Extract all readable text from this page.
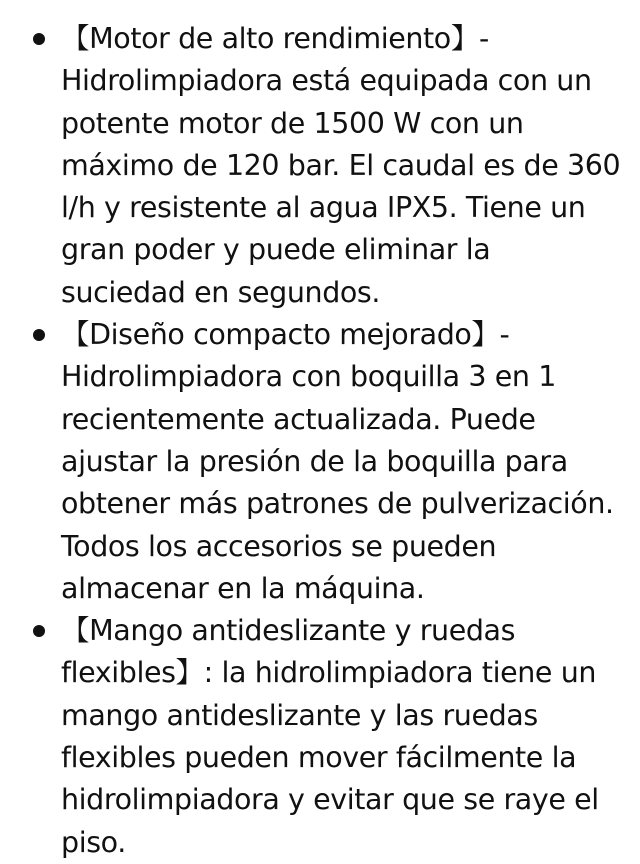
【Motor de alto rendimiento】- Hidrolimpiadora está equipada con un potente motor de 1500 W con un máximo de 120 bar. El caudal es de 360 l/h y resistente al agua IPX5. Tiene un gran poder y puede eliminar la suciedad en segundos.
【Diseño compacto mejorado】- Hidrolimpiadora con boquilla 3 en 1 recientemente actualizada. Puede ajustar la presión de la boquilla para obtener más patrones de pulverización. Todos los accesorios se pueden almacenar en la máquina.
【Mango antideslizante y ruedas flexibles】: la hidrolimpiadora tiene un mango antideslizante y las ruedas flexibles pueden mover fácilmente la hidrolimpiadora y evitar que se raye el piso.
